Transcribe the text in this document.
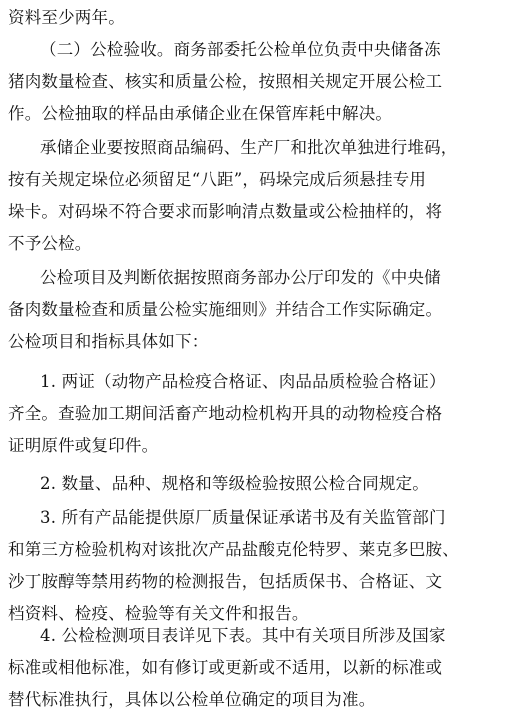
资料至少两年。
（二）公检验收。商务部委托公检单位负责中央储备冻
猪肉数量检查、核实和质量公检，按照相关规定开展公检工
作。公检抽取的样品由承储企业在保管库耗中解决。
承储企业要按照商品编码、生产厂和批次单独进行堆码，
按有关规定垛位必须留足“八距”，码垛完成后须悬挂专用
垛卡。对码垛不符合要求而影响清点数量或公检抽样的，将
不予公检。
公检项目及判断依据按照商务部办公厅印发的《中央储
备肉数量检查和质量公检实施细则》并结合工作实际确定。
公检项目和指标具体如下：
1. 两证（动物产品检疫合格证、肉品品质检验合格证）
齐全。查验加工期间活畜产地动检机构开具的动物检疫合格
证明原件或复印件。
2. 数量、品种、规格和等级检验按照公检合同规定。
3. 所有产品能提供原厂质量保证承诺书及有关监管部门
和第三方检验机构对该批次产品盐酸克伦特罗、莱克多巴胺、
沙丁胺醇等禁用药物的检测报告，包括质保书、合格证、文
档资料、检疫、检验等有关文件和报告。
4. 公检检测项目表详见下表。其中有关项目所涉及国家
标准或相他标准，如有修订或更新或不适用，以新的标准或
替代标准执行，具体以公检单位确定的项目为准。
